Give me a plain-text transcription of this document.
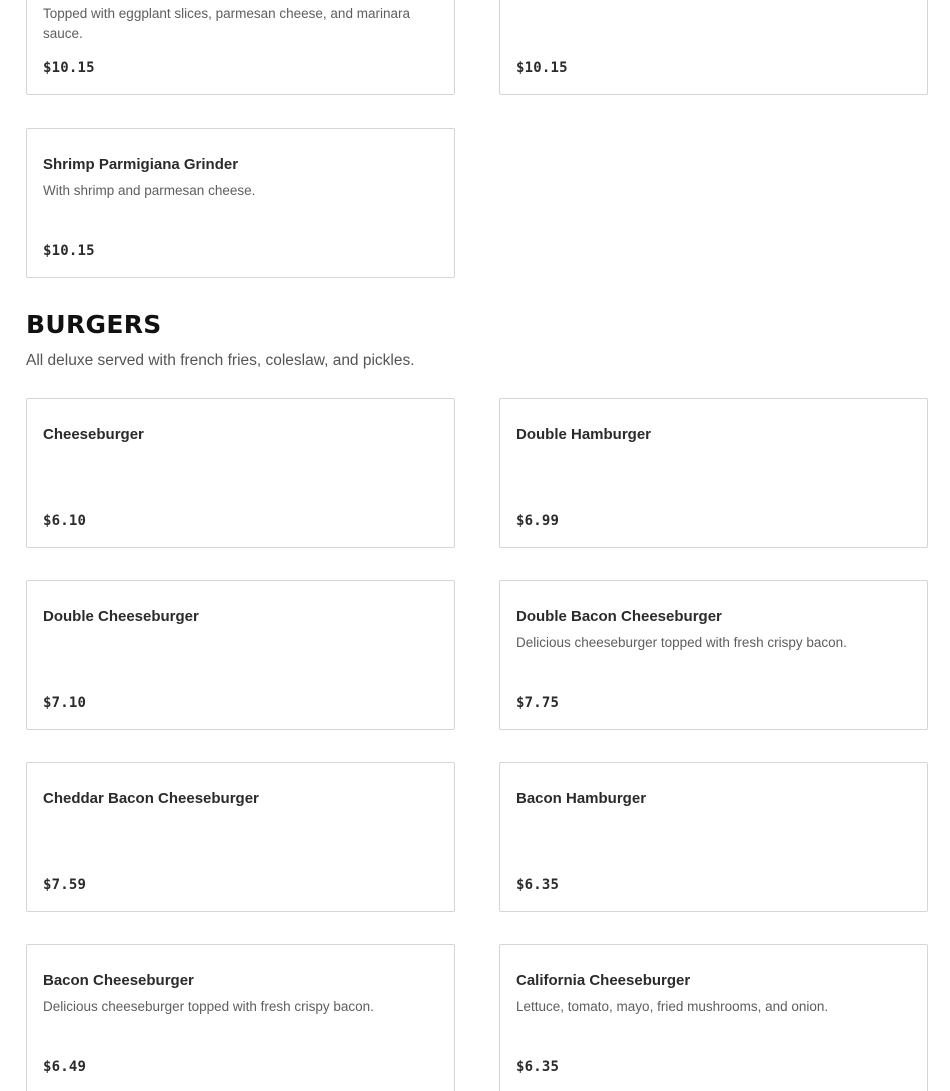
Topped with eggplant slices, parmesan cheese, and marinara sauce.
$10.15	$10.15
Shrimp Parmigiana Grinder
With shrimp and parmesan cheese.
$10.15
BURGERS
All deluxe served with french fries, coleslaw, and pickles.
Cheeseburger
$6.10
Double Hamburger
$6.99
Double Cheeseburger
$7.10
Double Bacon Cheeseburger
Delicious cheeseburger topped with fresh crispy bacon.
$7.75
Cheddar Bacon Cheeseburger
$7.59
Bacon Hamburger
$6.35
Bacon Cheeseburger
Delicious cheeseburger topped with fresh crispy bacon.
$6.49
California Cheeseburger
Lettuce, tomato, mayo, fried mushrooms, and onion.
$6.35
